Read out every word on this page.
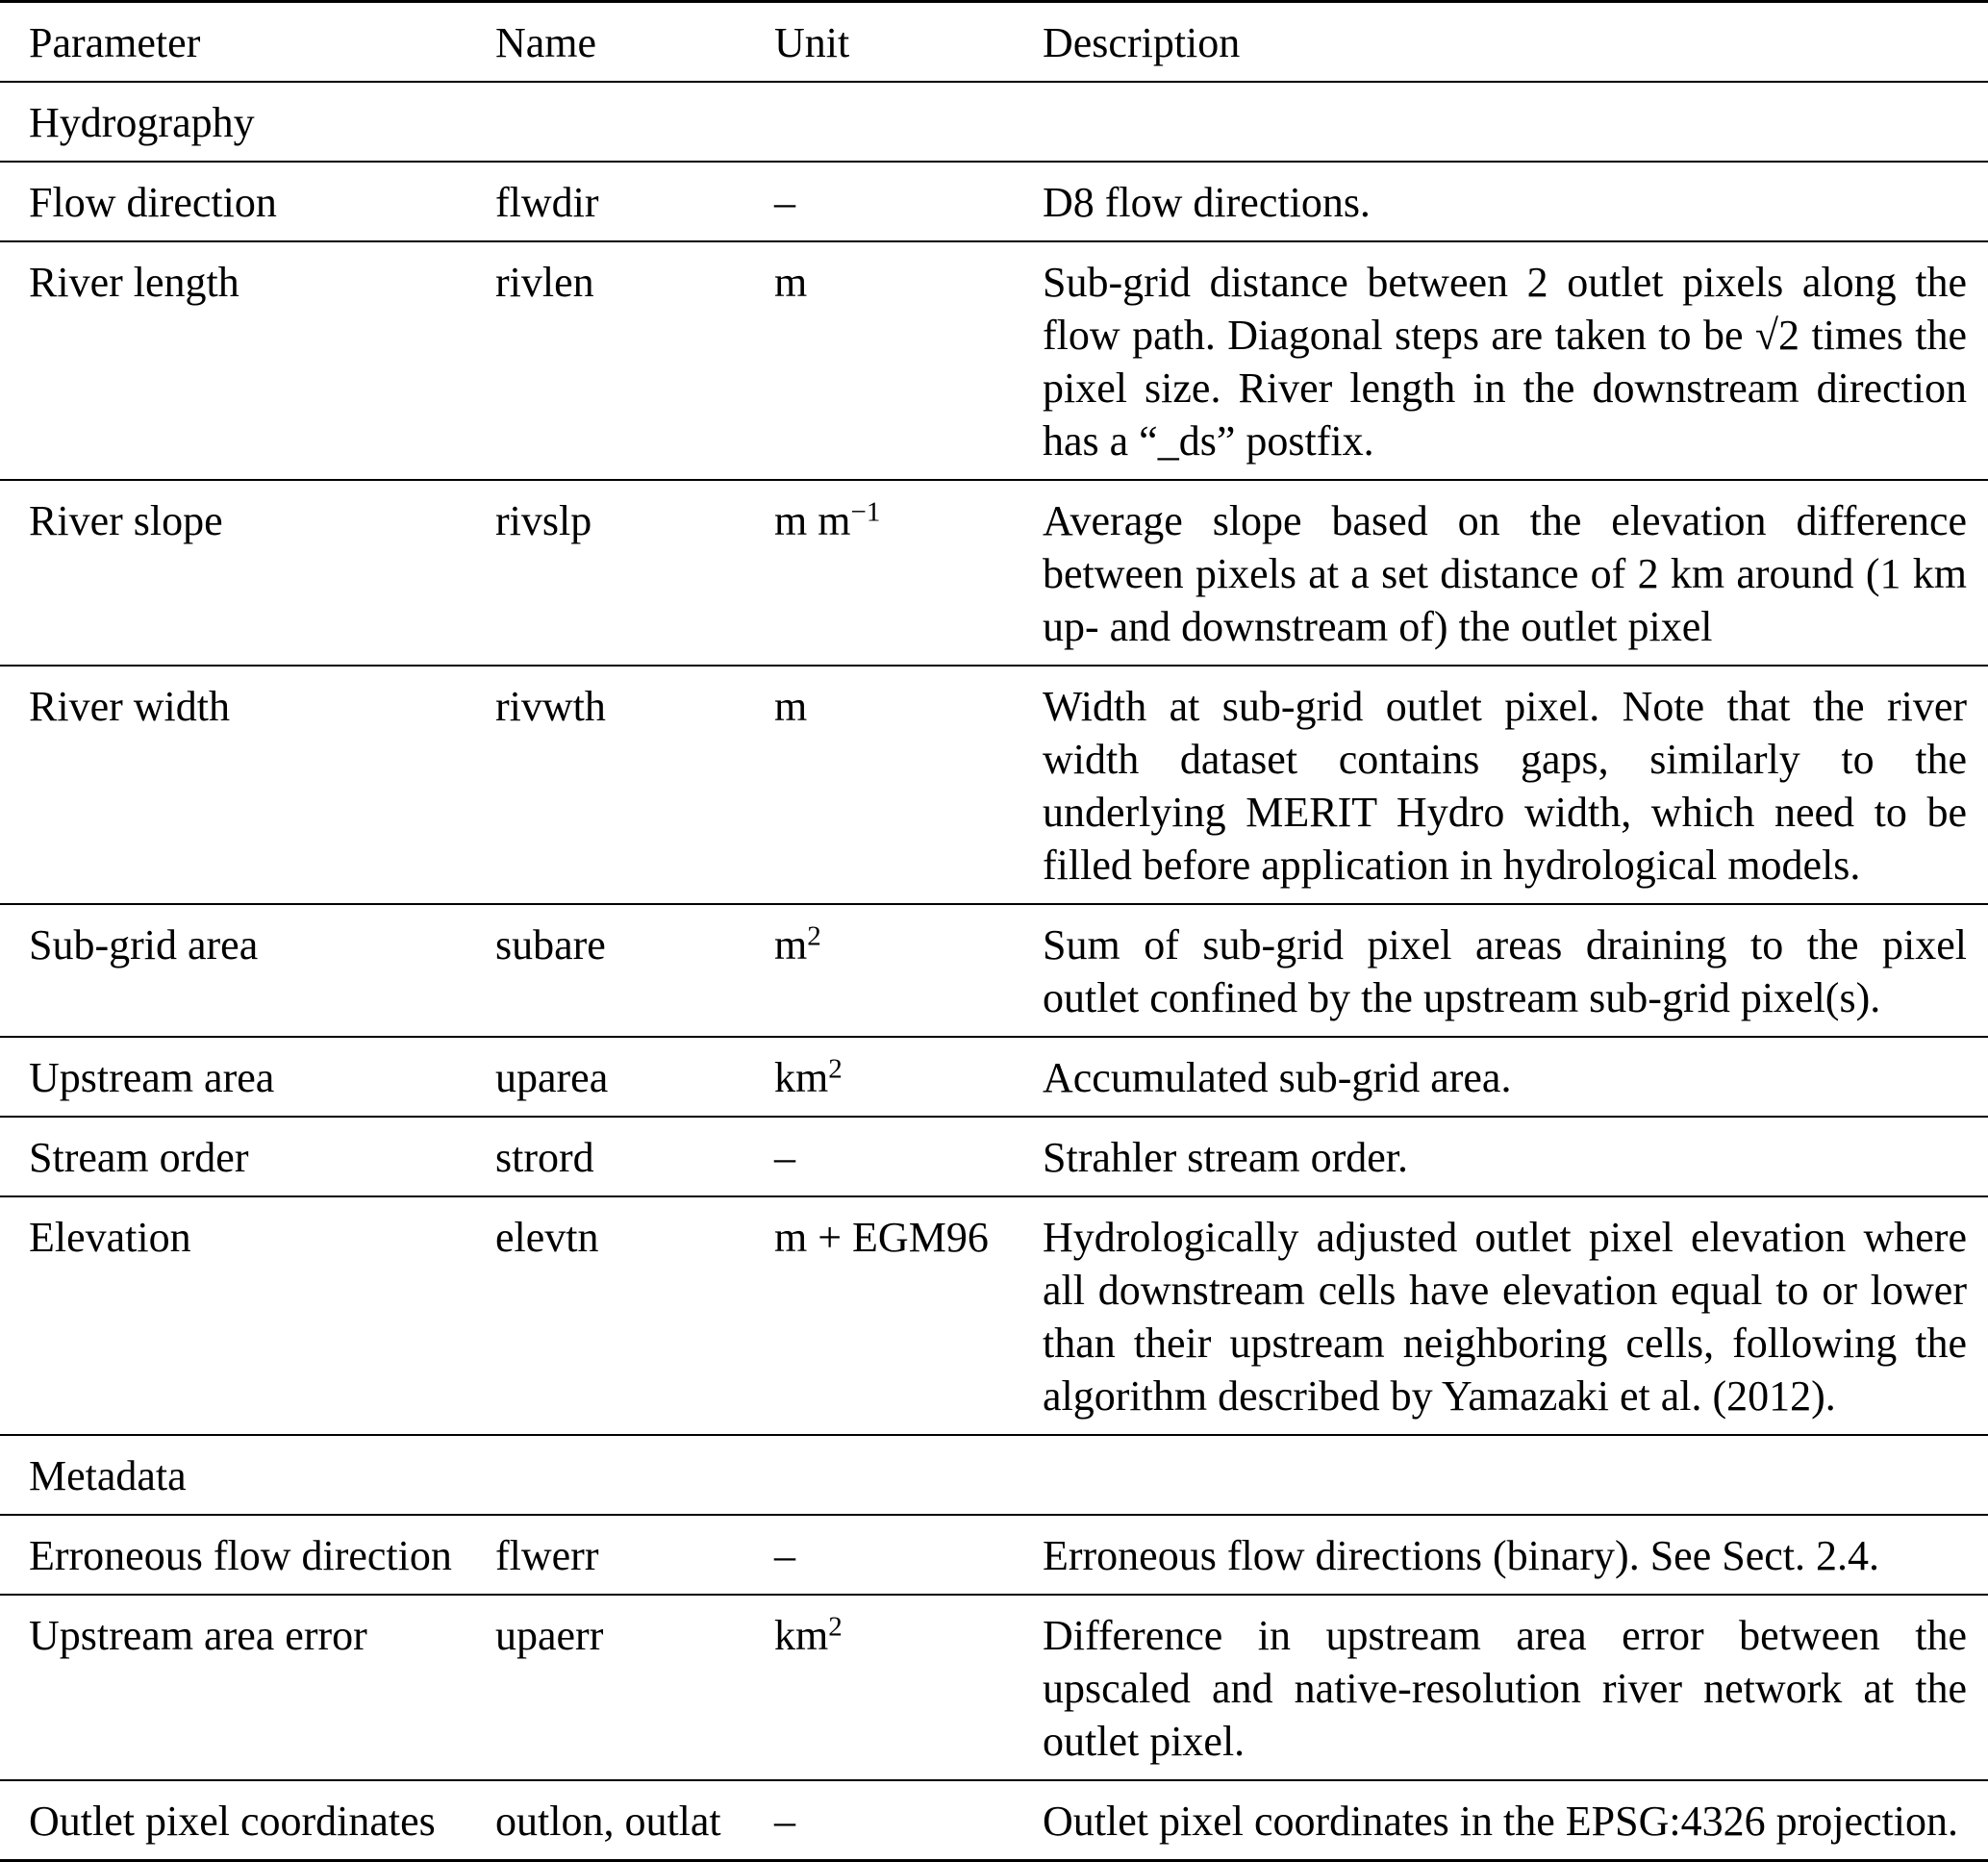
Parameter	Name	Unit	Description
Hydrography			
Flow direction	flwdir	–	D8 flow directions.
River length	rivlen	m	Sub-grid distance between 2 outlet pixels along the flow path. Diagonal steps are taken to be √2 times the pixel size. River length in the downstream direction has a “_ds” postfix.
River slope	rivslp	m $m^{-1}$	Average slope based on the elevation difference between pixels at a set distance of 2 km around (1 km up- and downstream of) the outlet pixel
River width	rivwth	m	Width at sub-grid outlet pixel. Note that the river width dataset contains gaps, similarly to the underlying MERIT Hydro width, which need to be filled before application in hydrological models.
Sub-grid area	subare	$m^2$	Sum of sub-grid pixel areas draining to the pixel outlet confined by the upstream sub-grid pixel(s).
Upstream area	uparea	$km^2$	Accumulated sub-grid area.
Stream order	strord	–	Strahler stream order.
Elevation	elevtn	m + EGM96	Hydrologically adjusted outlet pixel elevation where all downstream cells have elevation equal to or lower than their upstream neighboring cells, following the algorithm described by Yamazaki et al. (2012).
Metadata			
Erroneous flow direction	flwerr	–	Erroneous flow directions (binary). See Sect. 2.4.
Upstream area error	upaerr	$km^2$	Difference in upstream area error between the upscaled and native-resolution river network at the outlet pixel.
Outlet pixel coordinates	outlon, outlat	–	Outlet pixel coordinates in the EPSG:4326 projection.
